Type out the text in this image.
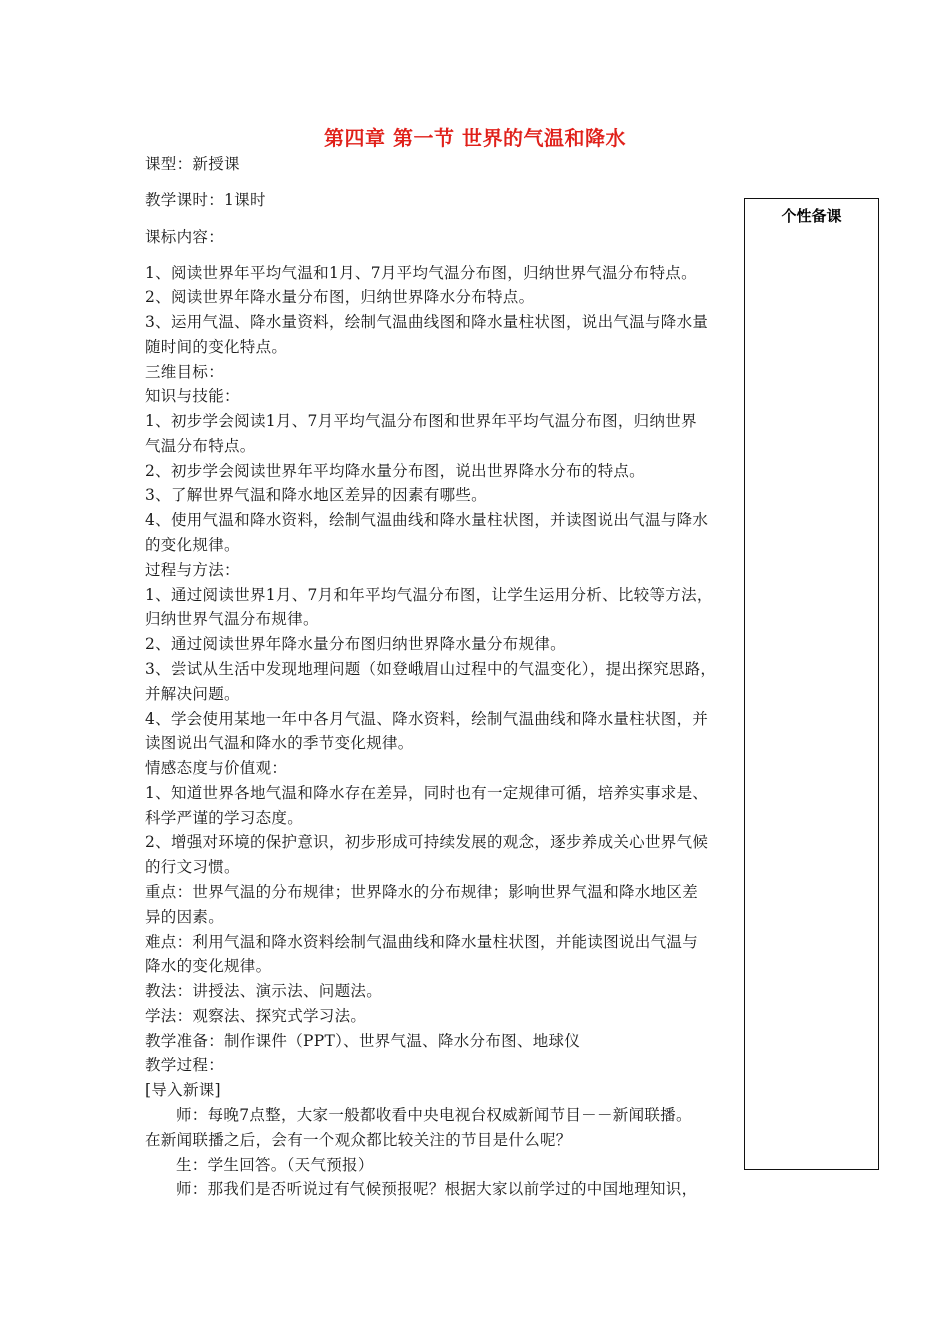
第四章 第一节 世界的气温和降水
个性备课
课型：新授课
教学课时：1课时
课标内容：
1、阅读世界年平均气温和1月、7月平均气温分布图，归纳世界气温分布特点。
2、阅读世界年降水量分布图，归纳世界降水分布特点。
3、运用气温、降水量资料，绘制气温曲线图和降水量柱状图，说出气温与降水量
随时间的变化特点。
三维目标：
知识与技能：
1、初步学会阅读1月、7月平均气温分布图和世界年平均气温分布图，归纳世界
气温分布特点。
2、初步学会阅读世界年平均降水量分布图，说出世界降水分布的特点。
3、了解世界气温和降水地区差异的因素有哪些。
4、使用气温和降水资料，绘制气温曲线和降水量柱状图，并读图说出气温与降水
的变化规律。
过程与方法：
1、通过阅读世界1月、7月和年平均气温分布图，让学生运用分析、比较等方法，
归纳世界气温分布规律。
2、通过阅读世界年降水量分布图归纳世界降水量分布规律。
3、尝试从生活中发现地理问题（如登峨眉山过程中的气温变化），提出探究思路，
并解决问题。
4、学会使用某地一年中各月气温、降水资料，绘制气温曲线和降水量柱状图，并
读图说出气温和降水的季节变化规律。
情感态度与价值观：
1、知道世界各地气温和降水存在差异，同时也有一定规律可循，培养实事求是、
科学严谨的学习态度。
2、增强对环境的保护意识，初步形成可持续发展的观念，逐步养成关心世界气候
的行文习惯。
重点：世界气温的分布规律；世界降水的分布规律；影响世界气温和降水地区差
异的因素。
难点：利用气温和降水资料绘制气温曲线和降水量柱状图，并能读图说出气温与
降水的变化规律。
教法：讲授法、演示法、问题法。
学法：观察法、探究式学习法。
教学准备：制作课件（PPT）、世界气温、降水分布图、地球仪
教学过程：
[导入新课]
师：每晚7点整，大家一般都收看中央电视台权威新闻节目－－新闻联播。
在新闻联播之后，会有一个观众都比较关注的节目是什么呢？
生：学生回答。（天气预报）
师：那我们是否听说过有气候预报呢？根据大家以前学过的中国地理知识，
